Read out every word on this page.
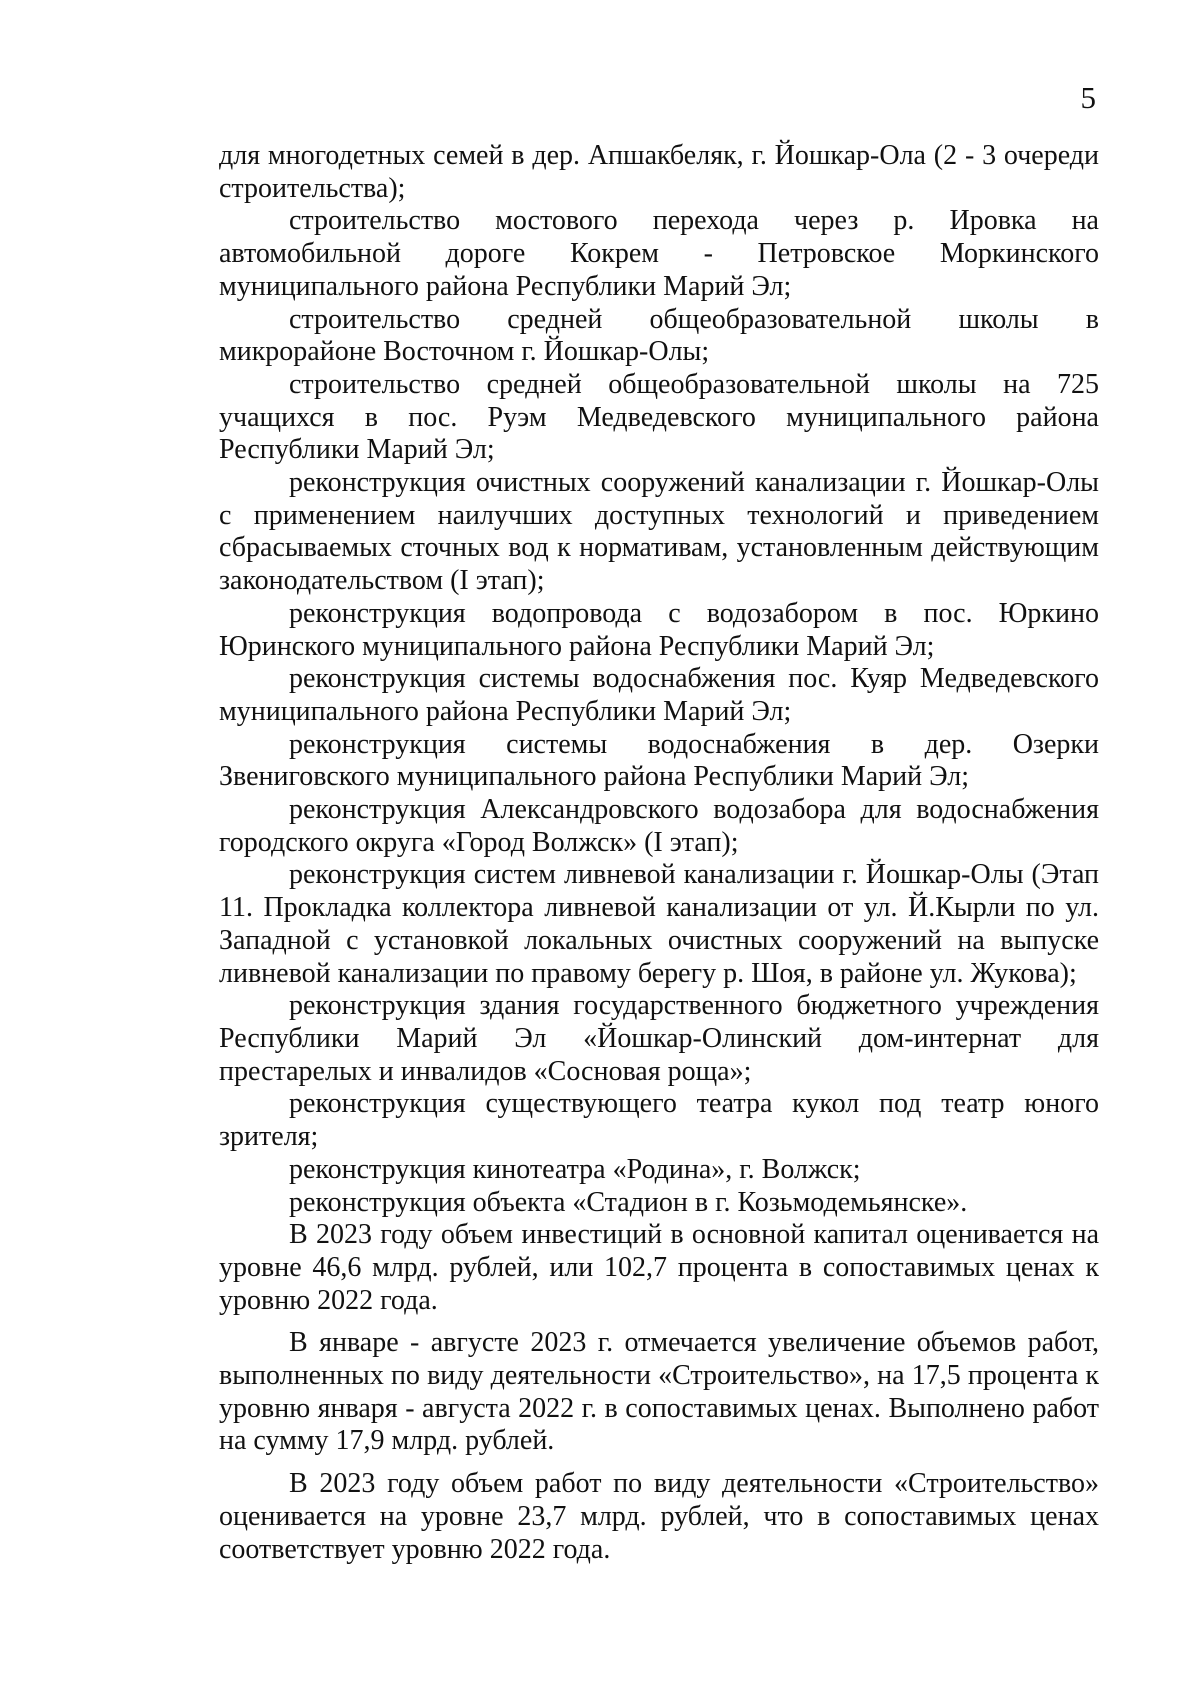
5

для многодетных семей в дер. Апшакбеляк, г. Йошкар-Ола (2 - 3 очереди строительства);

строительство мостового перехода через р. Ировка на автомобильной дороге Кокрем - Петровское Моркинского муниципального района Республики Марий Эл;

строительство средней общеобразовательной школы в микрорайоне Восточном г. Йошкар-Олы;

строительство средней общеобразовательной школы на 725 учащихся в пос. Руэм Медведевского муниципального района Республики Марий Эл;

реконструкция очистных сооружений канализации г. Йошкар-Олы с применением наилучших доступных технологий и приведением сбрасываемых сточных вод к нормативам, установленным действующим законодательством (I этап);

реконструкция водопровода с водозабором в пос. Юркино Юринского муниципального района Республики Марий Эл;

реконструкция системы водоснабжения пос. Куяр Медведевского муниципального района Республики Марий Эл;

реконструкция системы водоснабжения в дер. Озерки Звениговского муниципального района Республики Марий Эл;

реконструкция Александровского водозабора для водоснабжения городского округа «Город Волжск» (I этап);

реконструкция систем ливневой канализации г. Йошкар-Олы (Этап 11. Прокладка коллектора ливневой канализации от ул. Й.Кырли по ул. Западной с установкой локальных очистных сооружений на выпуске ливневой канализации по правому берегу р. Шоя, в районе ул. Жукова);

реконструкция здания государственного бюджетного учреждения Республики Марий Эл «Йошкар-Олинский дом-интернат для престарелых и инвалидов «Сосновая роща»;

реконструкция существующего театра кукол под театр юного зрителя;

реконструкция кинотеатра «Родина», г. Волжск;

реконструкция объекта «Стадион в г. Козьмодемьянске».

В 2023 году объем инвестиций в основной капитал оценивается на уровне 46,6 млрд. рублей, или 102,7 процента в сопоставимых ценах к уровню 2022 года.

В январе - августе 2023 г. отмечается увеличение объемов работ, выполненных по виду деятельности «Строительство», на 17,5 процента к уровню января - августа 2022 г. в сопоставимых ценах. Выполнено работ на сумму 17,9 млрд. рублей.

В 2023 году объем работ по виду деятельности «Строительство» оценивается на уровне 23,7 млрд. рублей, что в сопоставимых ценах соответствует уровню 2022 года.
